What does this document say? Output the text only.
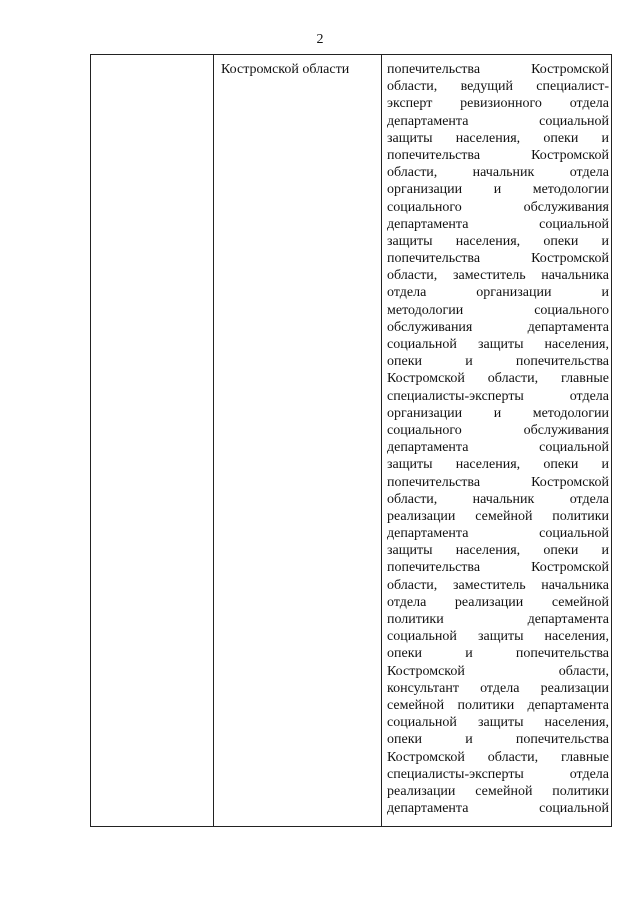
2
Костромской области	попечительства Костромской
области, ведущий специалист-
эксперт ревизионного отдела
департамента социальной
защиты населения, опеки и
попечительства Костромской
области, начальник отдела
организации и методологии
социального обслуживания
департамента социальной
защиты населения, опеки и
попечительства Костромской
области, заместитель начальника
отдела организации и
методологии социального
обслуживания департамента
социальной защиты населения,
опеки и попечительства
Костромской области, главные
специалисты-эксперты отдела
организации и методологии
социального обслуживания
департамента социальной
защиты населения, опеки и
попечительства Костромской
области, начальник отдела
реализации семейной политики
департамента социальной
защиты населения, опеки и
попечительства Костромской
области, заместитель начальника
отдела реализации семейной
политики департамента
социальной защиты населения,
опеки и попечительства
Костромской области,
консультант отдела реализации
семейной политики департамента
социальной защиты населения,
опеки и попечительства
Костромской области, главные
специалисты-эксперты отдела
реализации семейной политики
департамента социальной
